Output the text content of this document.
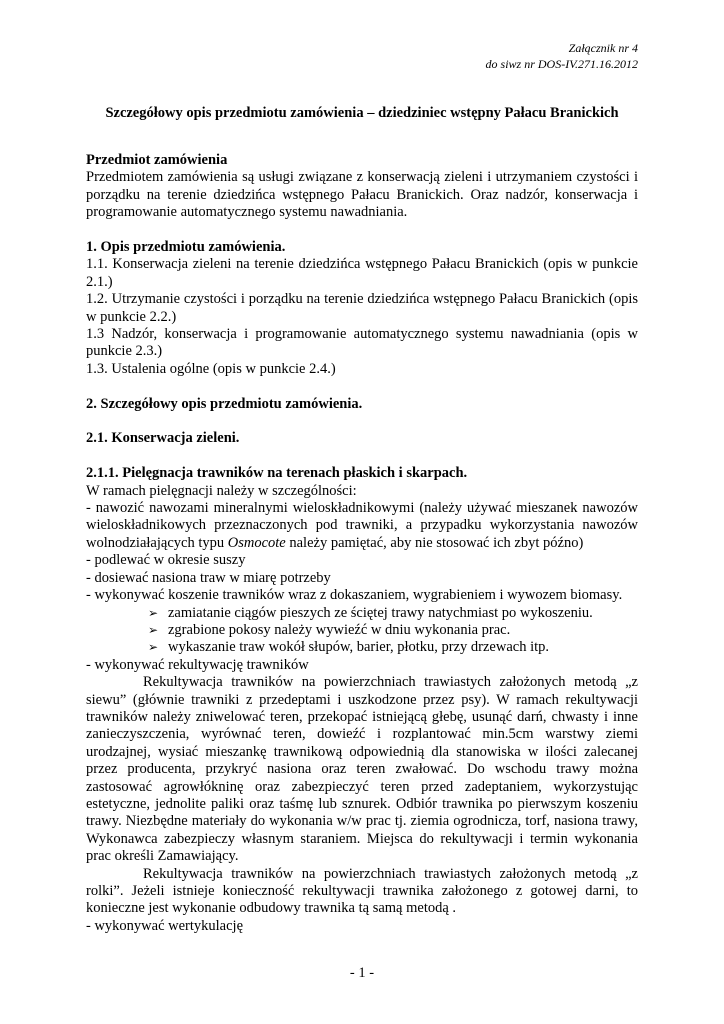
Załącznik nr 4
do siwz nr DOS-IV.271.16.2012
Szczegółowy opis przedmiotu zamówienia – dziedziniec wstępny Pałacu Branickich

Przedmiot zamówienia

Przedmiotem zamówienia są usługi związane z konserwacją zieleni i utrzymaniem czystości i porządku na terenie dziedzińca wstępnego Pałacu Branickich. Oraz nadzór, konserwacja i programowanie automatycznego systemu nawadniania.

1. Opis przedmiotu zamówienia.

1.1. Konserwacja zieleni na terenie dziedzińca wstępnego Pałacu Branickich (opis w punkcie 2.1.)

1.2. Utrzymanie czystości i porządku na terenie dziedzińca wstępnego Pałacu Branickich (opis w punkcie 2.2.)

1.3 Nadzór, konserwacja i programowanie automatycznego systemu nawadniania (opis w punkcie 2.3.)

1.3. Ustalenia ogólne (opis w punkcie 2.4.)

2. Szczegółowy opis przedmiotu zamówienia.

2.1. Konserwacja zieleni.

2.1.1. Pielęgnacja trawników na terenach płaskich i skarpach.

W ramach pielęgnacji należy w szczególności:

- nawozić nawozami mineralnymi wieloskładnikowymi (należy używać mieszanek nawozów wieloskładnikowych przeznaczonych pod trawniki, a przypadku wykorzystania nawozów wolnodziałających typu Osmocote należy pamiętać, aby nie stosować ich zbyt późno)

- podlewać w okresie suszy

- dosiewać nasiona traw w miarę potrzeby

- wykonywać koszenie trawników wraz z dokaszaniem, wygrabieniem i wywozem biomasy.

➢ zamiatanie ciągów pieszych ze ściętej trawy natychmiast po wykoszeniu.
➢ zgrabione pokosy należy wywieźć w dniu wykonania prac.
➢ wykaszanie traw wokół słupów, barier, płotku, przy drzewach itp.

- wykonywać rekultywację trawników

Rekultywacja trawników na powierzchniach trawiastych założonych metodą „z siewu” (głównie trawniki z przedeptami i uszkodzone przez psy). W ramach rekultywacji trawników należy zniwelować teren, przekopać istniejącą głebę, usunąć darń, chwasty i inne zanieczyszczenia, wyrównać teren, dowieźć i rozplantować min.5cm warstwy ziemi urodzajnej, wysiać mieszankę trawnikową odpowiednią dla stanowiska w ilości zalecanej przez producenta, przykryć nasiona oraz teren zwałować. Do wschodu trawy można zastosować agrowłókninę oraz zabezpieczyć teren przed zadeptaniem, wykorzystując estetyczne, jednolite paliki oraz taśmę lub sznurek. Odbiór trawnika po pierwszym koszeniu trawy. Niezbędne materiały do wykonania w/w prac tj. ziemia ogrodnicza, torf, nasiona trawy, Wykonawca zabezpieczy własnym staraniem. Miejsca do rekultywacji i termin wykonania prac określi Zamawiający.

Rekultywacja trawników na powierzchniach trawiastych założonych metodą „z rolki”. Jeżeli istnieje konieczność rekultywacji trawnika założonego z gotowej darni, to konieczne jest wykonanie odbudowy trawnika tą samą metodą .

- wykonywać wertykulację

- 1 -
